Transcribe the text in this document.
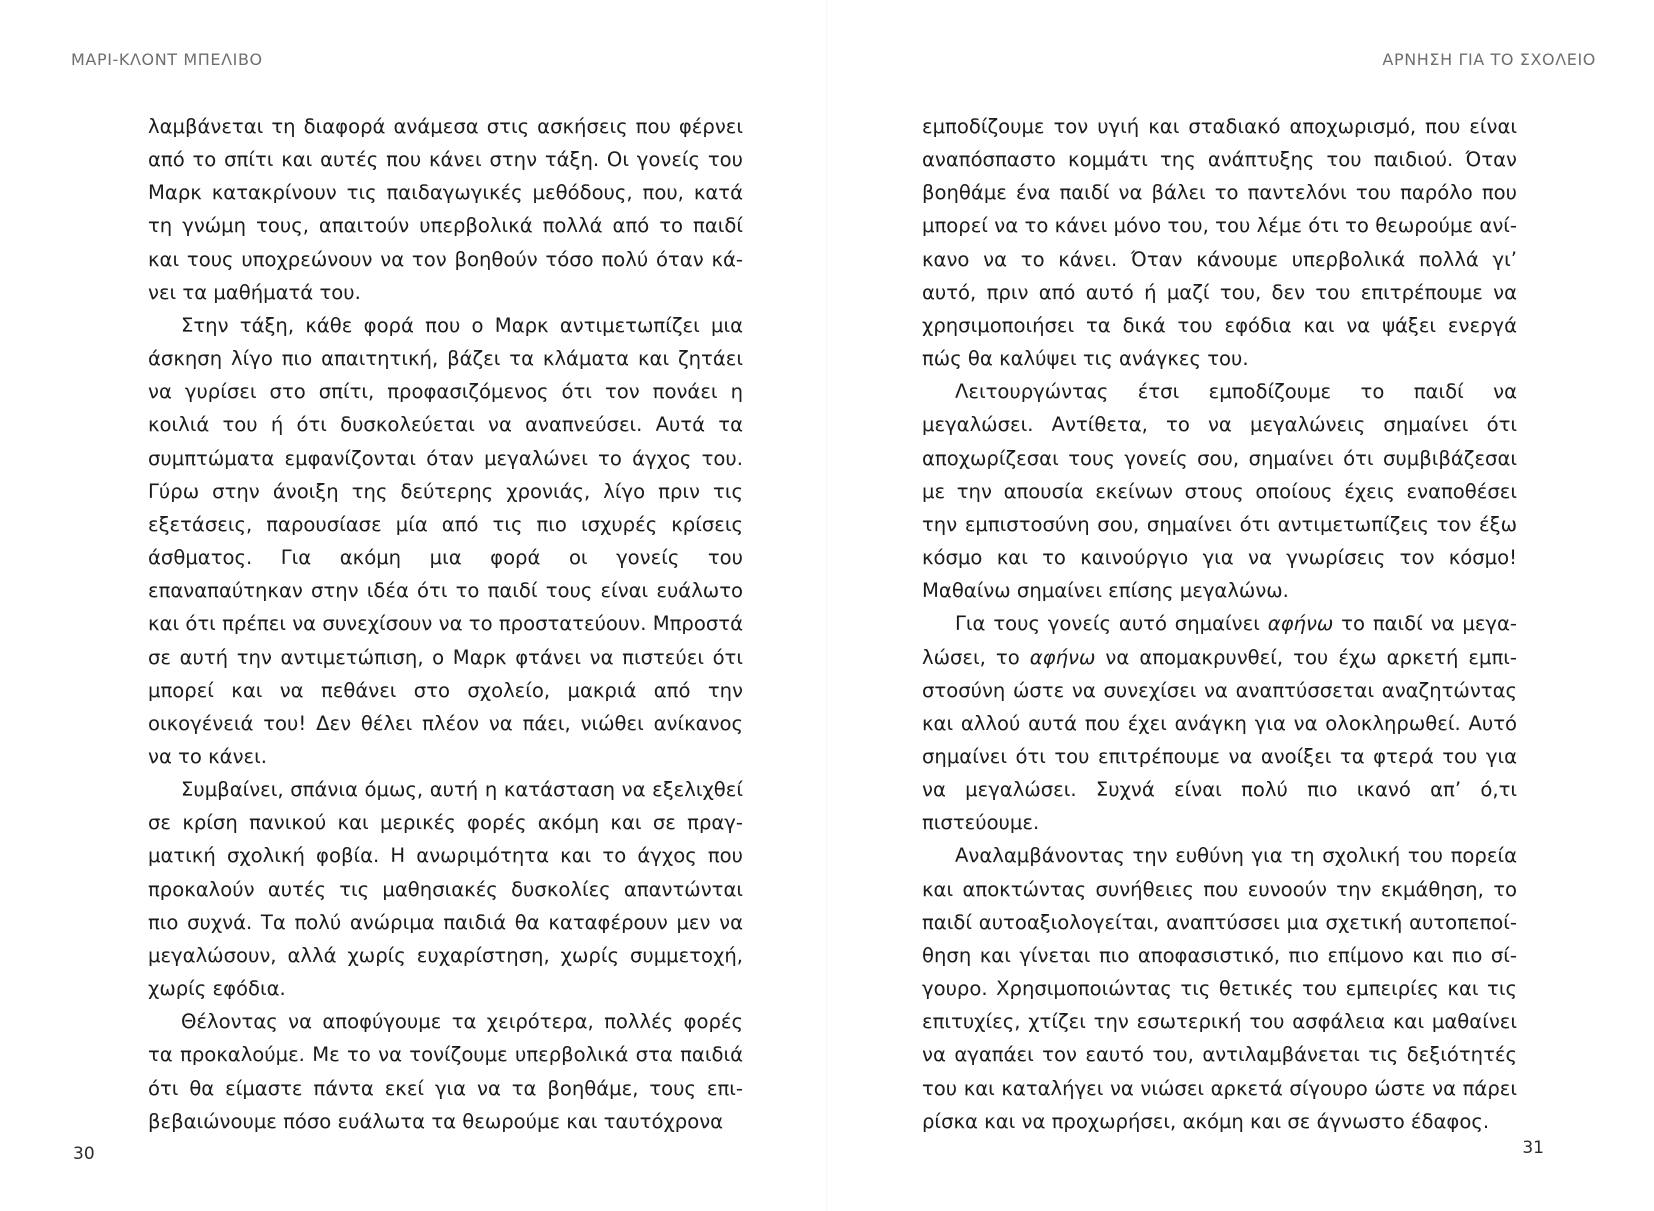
ΜΑΡΙ-ΚΛΟΝΤ ΜΠΕΛΙΒΟ

λαμβάνεται τη διαφορά ανάμεσα στις ασκήσεις που φέρνει από το σπίτι και αυτές που κάνει στην τάξη. Οι γονείς του Μαρκ κατακρίνουν τις παιδαγωγικές μεθόδους, που, κατά τη γνώμη τους, απαιτούν υπερβολικά πολλά από το παιδί και τους υποχρεώνουν να τον βοηθούν τόσο πολύ όταν κάνει τα μαθήματά του.

Στην τάξη, κάθε φορά που ο Μαρκ αντιμετωπίζει μια άσκηση λίγο πιο απαιτητική, βάζει τα κλάματα και ζητάει να γυρίσει στο σπίτι, προφασιζόμενος ότι τον πονάει η κοιλιά του ή ότι δυσκολεύεται να αναπνεύσει. Αυτά τα συμπτώματα εμφανίζονται όταν μεγαλώνει το άγχος του. Γύρω στην άνοιξη της δεύτερης χρονιάς, λίγο πριν τις εξετάσεις, παρουσίασε μία από τις πιο ισχυρές κρίσεις άσθματος. Για ακόμη μια φορά οι γονείς του επαναπαύτηκαν στην ιδέα ότι το παιδί τους είναι ευάλωτο και ότι πρέπει να συνεχίσουν να το προστατεύουν. Μπροστά σε αυτή την αντιμετώπιση, ο Μαρκ φτάνει να πιστεύει ότι μπορεί και να πεθάνει στο σχολείο, μακριά από την οικογένειά του! Δεν θέλει πλέον να πάει, νιώθει ανίκανος να το κάνει.

Συμβαίνει, σπάνια όμως, αυτή η κατάσταση να εξελιχθεί σε κρίση πανικού και μερικές φορές ακόμη και σε πραγματική σχολική φοβία. Η ανωριμότητα και το άγχος που προκαλούν αυτές τις μαθησιακές δυσκολίες απαντώνται πιο συχνά. Τα πολύ ανώριμα παιδιά θα καταφέρουν μεν να μεγαλώσουν, αλλά χωρίς ευχαρίστηση, χωρίς συμμετοχή, χωρίς εφόδια.

Θέλοντας να αποφύγουμε τα χειρότερα, πολλές φορές τα προκαλούμε. Με το να τονίζουμε υπερβολικά στα παιδιά ότι θα είμαστε πάντα εκεί για να τα βοηθάμε, τους επιβεβαιώνουμε πόσο ευάλωτα τα θεωρούμε και ταυτόχρονα

30
ΑΡΝΗΣΗ ΓΙΑ ΤΟ ΣΧΟΛΕΙΟ

εμποδίζουμε τον υγιή και σταδιακό αποχωρισμό, που είναι αναπόσπαστο κομμάτι της ανάπτυξης του παιδιού. Όταν βοηθάμε ένα παιδί να βάλει το παντελόνι του παρόλο που μπορεί να το κάνει μόνο του, του λέμε ότι το θεωρούμε ανίκανο να το κάνει. Όταν κάνουμε υπερβολικά πολλά γι’ αυτό, πριν από αυτό ή μαζί του, δεν του επιτρέπουμε να χρησιμοποιήσει τα δικά του εφόδια και να ψάξει ενεργά πώς θα καλύψει τις ανάγκες του.

Λειτουργώντας έτσι εμποδίζουμε το παιδί να μεγαλώσει. Αντίθετα, το να μεγαλώνεις σημαίνει ότι αποχωρίζεσαι τους γονείς σου, σημαίνει ότι συμβιβάζεσαι με την απουσία εκείνων στους οποίους έχεις εναποθέσει την εμπιστοσύνη σου, σημαίνει ότι αντιμετωπίζεις τον έξω κόσμο και το καινούργιο για να γνωρίσεις τον κόσμο! Μαθαίνω σημαίνει επίσης μεγαλώνω.

Για τους γονείς αυτό σημαίνει αφήνω το παιδί να μεγαλώσει, το αφήνω να απομακρυνθεί, του έχω αρκετή εμπιστοσύνη ώστε να συνεχίσει να αναπτύσσεται αναζητώντας και αλλού αυτά που έχει ανάγκη για να ολοκληρωθεί. Αυτό σημαίνει ότι του επιτρέπουμε να ανοίξει τα φτερά του για να μεγαλώσει. Συχνά είναι πολύ πιο ικανό απ’ ό,τι πιστεύουμε.

Αναλαμβάνοντας την ευθύνη για τη σχολική του πορεία και αποκτώντας συνήθειες που ευνοούν την εκμάθηση, το παιδί αυτοαξιολογείται, αναπτύσσει μια σχετική αυτοπεποίθηση και γίνεται πιο αποφασιστικό, πιο επίμονο και πιο σίγουρο. Χρησιμοποιώντας τις θετικές του εμπειρίες και τις επιτυχίες, χτίζει την εσωτερική του ασφάλεια και μαθαίνει να αγαπάει τον εαυτό του, αντιλαμβάνεται τις δεξιότητές του και καταλήγει να νιώσει αρκετά σίγουρο ώστε να πάρει ρίσκα και να προχωρήσει, ακόμη και σε άγνωστο έδαφος.

31
